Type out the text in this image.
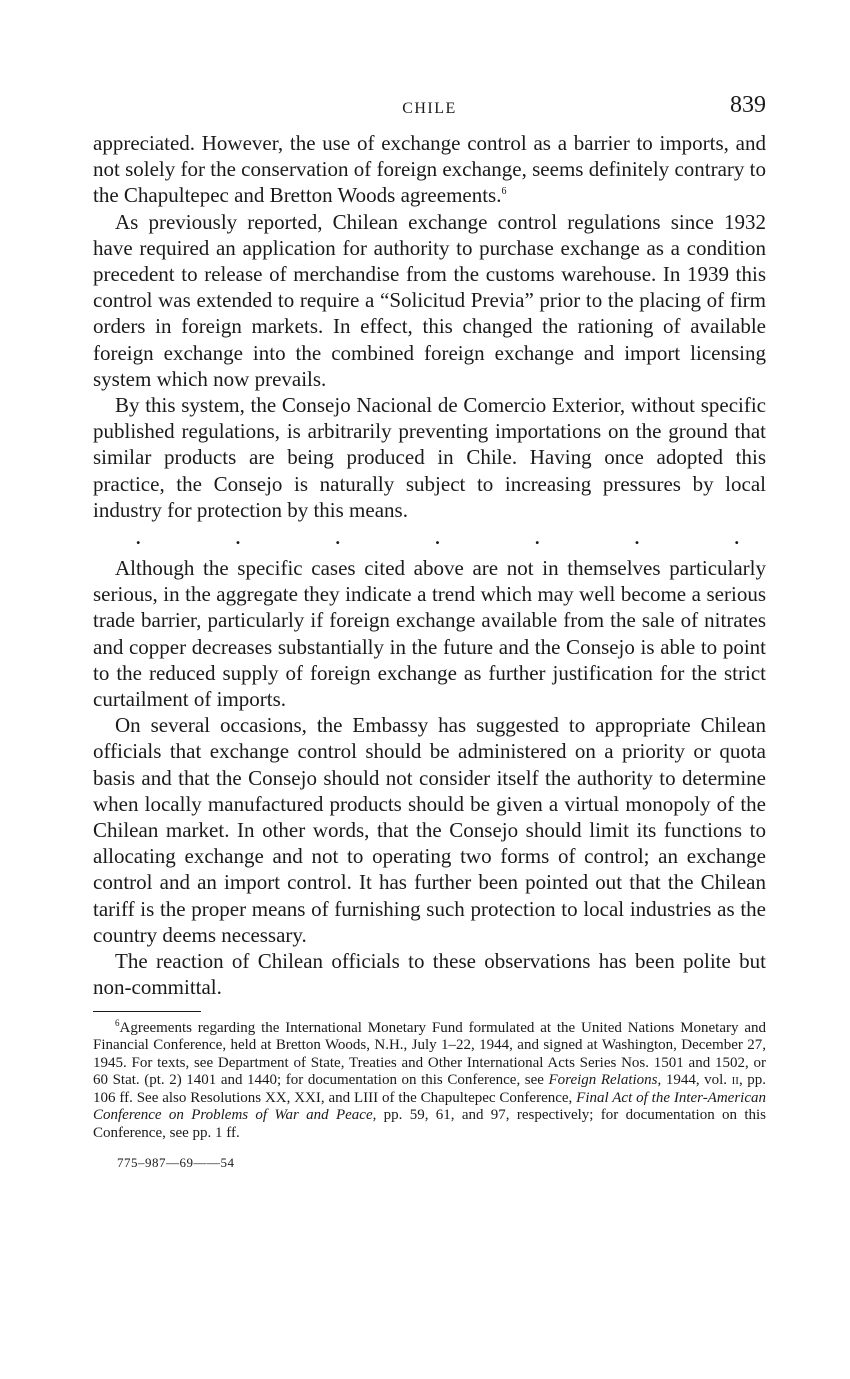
CHILE	839

appreciated. However, the use of exchange control as a barrier to imports, and not solely for the conservation of foreign exchange, seems definitely contrary to the Chapultepec and Bretton Woods agreements.$^6$

As previously reported, Chilean exchange control regulations since 1932 have required an application for authority to purchase exchange as a condition precedent to release of merchandise from the customs warehouse. In 1939 this control was extended to require a “Solicitud Previa” prior to the placing of firm orders in foreign markets. In effect, this changed the rationing of available foreign exchange into the combined foreign exchange and import licensing system which now prevails.

By this system, the Consejo Nacional de Comercio Exterior, without specific published regulations, is arbitrarily preventing importations on the ground that similar products are being produced in Chile. Having once adopted this practice, the Consejo is naturally subject to increasing pressures by local industry for protection by this means.

.	.	.	.	.	.	.

Although the specific cases cited above are not in themselves particularly serious, in the aggregate they indicate a trend which may well become a serious trade barrier, particularly if foreign exchange available from the sale of nitrates and copper decreases substantially in the future and the Consejo is able to point to the reduced supply of foreign exchange as further justification for the strict curtailment of imports.

On several occasions, the Embassy has suggested to appropriate Chilean officials that exchange control should be administered on a priority or quota basis and that the Consejo should not consider itself the authority to determine when locally manufactured products should be given a virtual monopoly of the Chilean market. In other words, that the Consejo should limit its functions to allocating exchange and not to operating two forms of control; an exchange control and an import control. It has further been pointed out that the Chilean tariff is the proper means of furnishing such protection to local industries as the country deems necessary.

The reaction of Chilean officials to these observations has been polite but non-committal.

$^6$Agreements regarding the International Monetary Fund formulated at the United Nations Monetary and Financial Conference, held at Bretton Woods, N.H., July 1–22, 1944, and signed at Washington, December 27, 1945. For texts, see Department of State, Treaties and Other International Acts Series Nos. 1501 and 1502, or 60 Stat. (pt. 2) 1401 and 1440; for documentation on this Conference, see Foreign Relations, 1944, vol. ii, pp. 106 ff. See also Resolutions XX, XXI, and LIII of the Chapultepec Conference, Final Act of the Inter-American Conference on Problems of War and Peace, pp. 59, 61, and 97, respectively; for documentation on this Conference, see pp. 1 ff.

775–987—69——54
